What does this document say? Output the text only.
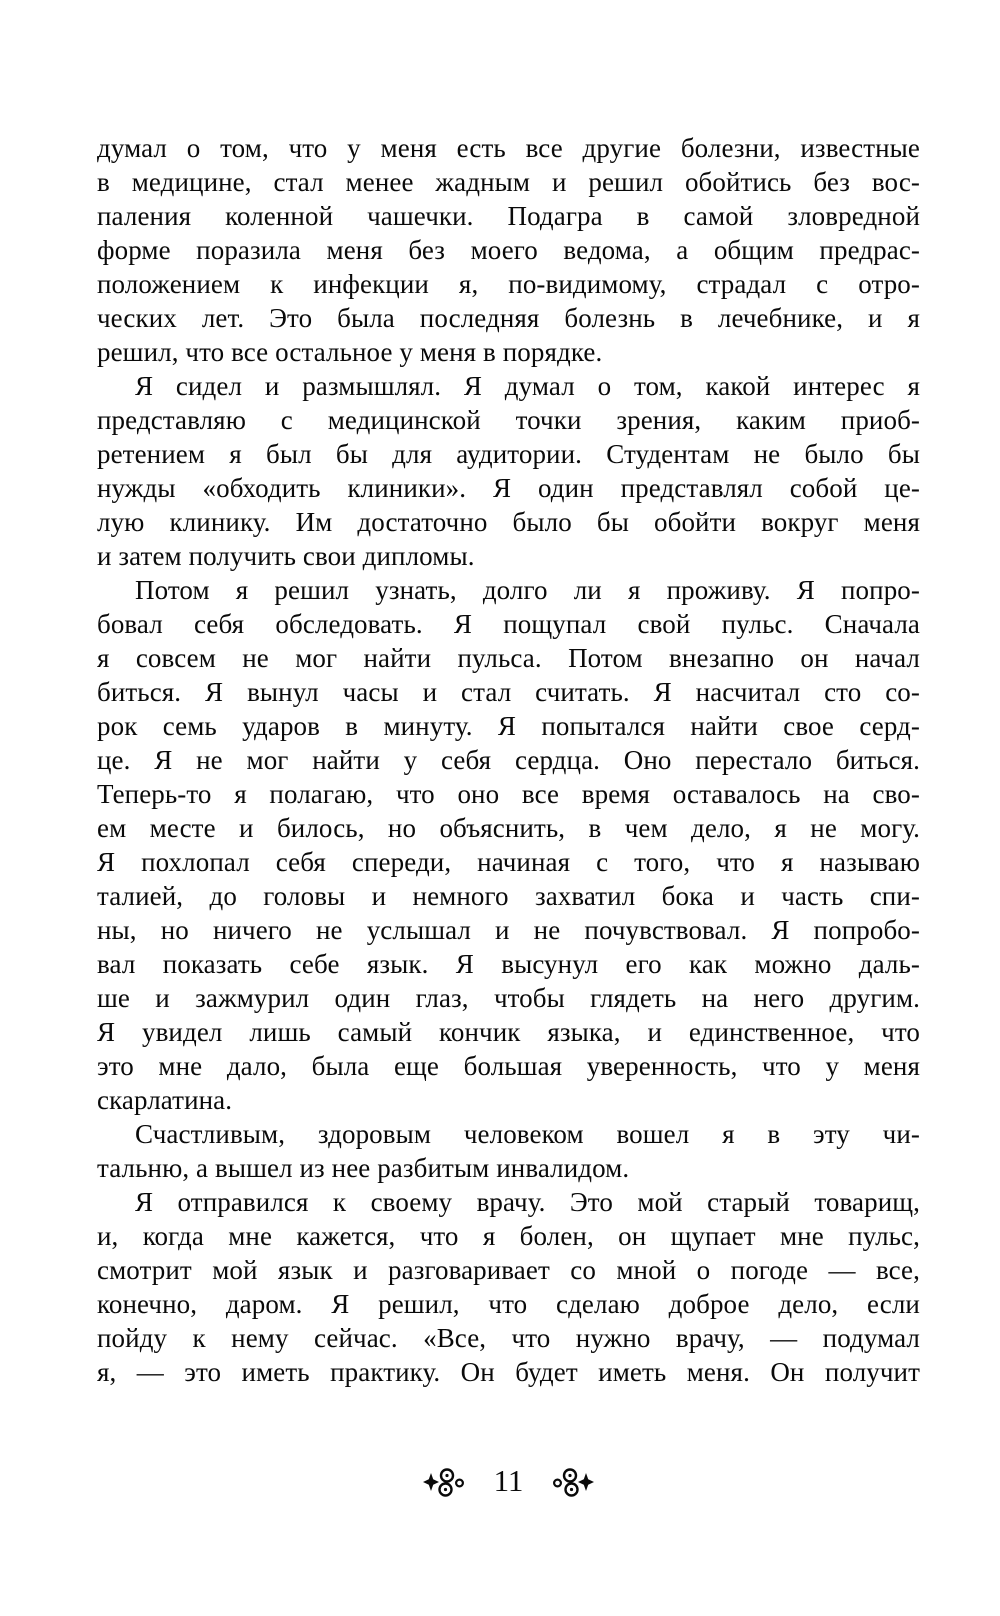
думал о том, что у меня есть все другие болезни, известные
в медицине, стал менее жадным и решил обойтись без вос-
паления коленной чашечки. Подагра в самой зловредной
форме поразила меня без моего ведома, а общим предрас-
положением к инфекции я, по-видимому, страдал с отро-
ческих лет. Это была последняя болезнь в лечебнике, и я
решил, что все остальное у меня в порядке.
Я сидел и размышлял. Я думал о том, какой интерес я
представляю с медицинской точки зрения, каким приоб-
ретением я был бы для аудитории. Студентам не было бы
нужды «обходить клиники». Я один представлял собой це-
лую клинику. Им достаточно было бы обойти вокруг меня
и затем получить свои дипломы.
Потом я решил узнать, долго ли я проживу. Я попро-
бовал себя обследовать. Я пощупал свой пульс. Сначала
я совсем не мог найти пульса. Потом внезапно он начал
биться. Я вынул часы и стал считать. Я насчитал сто со-
рок семь ударов в минуту. Я попытался найти свое серд-
це. Я не мог найти у себя сердца. Оно перестало биться.
Теперь-то я полагаю, что оно все время оставалось на сво-
ем месте и билось, но объяснить, в чем дело, я не могу.
Я похлопал себя спереди, начиная с того, что я называю
талией, до головы и немного захватил бока и часть спи-
ны, но ничего не услышал и не почувствовал. Я попробо-
вал показать себе язык. Я высунул его как можно даль-
ше и зажмурил один глаз, чтобы глядеть на него другим.
Я увидел лишь самый кончик языка, и единственное, что
это мне дало, была еще большая уверенность, что у меня
скарлатина.
Счастливым, здоровым человеком вошел я в эту чи-
тальню, а вышел из нее разбитым инвалидом.
Я отправился к своему врачу. Это мой старый товарищ,
и, когда мне кажется, что я болен, он щупает мне пульс,
смотрит мой язык и разговаривает со мной о погоде — все,
конечно, даром. Я решил, что сделаю доброе дело, если
пойду к нему сейчас. «Все, что нужно врачу, — подумал
я, — это иметь практику. Он будет иметь меня. Он получит
11
